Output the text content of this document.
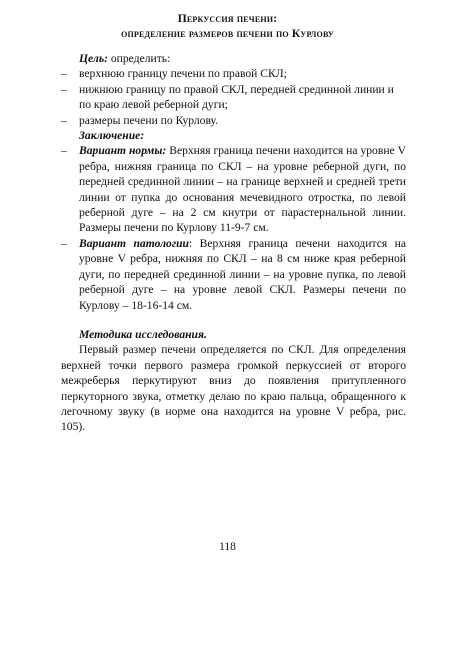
Перкуссия печени:
определение размеров печени по Курлову
Цель: определить:
– верхнюю границу печени по правой СКЛ;
– нижнюю границу по правой СКЛ, передней срединной линии и по краю левой реберной дуги;
– размеры печени по Курлову.
Заключение:
– Вариант нормы: Верхняя граница печени находится на уровне V ребра, нижняя граница по СКЛ – на уровне реберной дуги, по передней срединной линии – на границе верхней и средней трети линии от пупка до основания мечевидного отростка, по левой реберной дуге – на 2 см кнутри от парастернальной линии. Размеры печени по Курлову 11-9-7 см.
– Вариант патологии: Верхняя граница печени находится на уровне V ребра, нижняя по СКЛ – на 8 см ниже края реберной дуги, по передней срединной линии – на уровне пупка, по левой реберной дуге – на уровне левой СКЛ. Размеры печени по Курлову – 18-16-14 см.
Методика исследования.
Первый размер печени определяется по СКЛ. Для определения верхней точки первого размера громкой перкуссией от второго межреберья перкутируют вниз до появления притупленного перкуторного звука, отметку делаю по краю пальца, обращенного к легочному звуку (в норме она находится на уровне V ребра, рис. 105).
118
